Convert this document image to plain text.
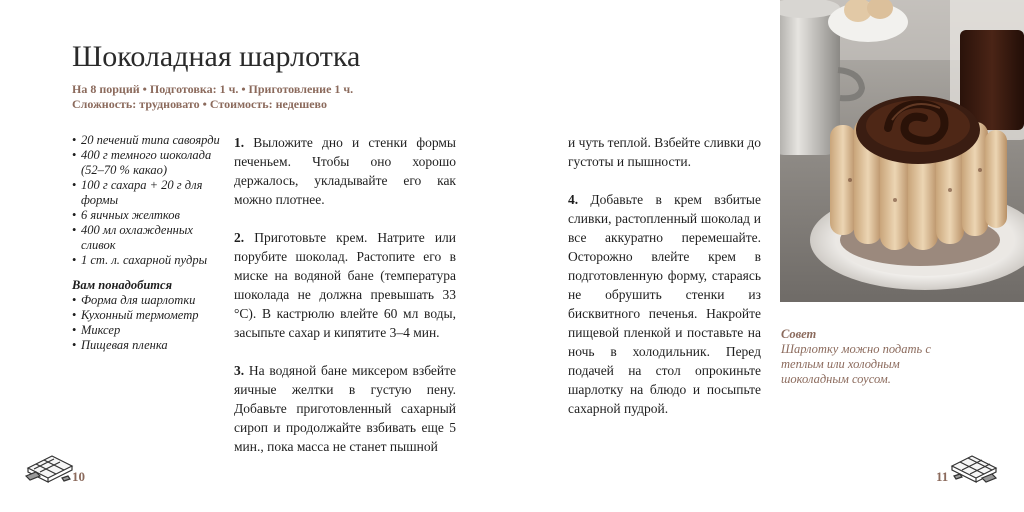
Шоколадная шарлотка
На 8 порций • Подготовка: 1 ч. • Приготовление 1 ч.
Сложность: трудновато • Стоимость: недешево
• 20 печений типа савоярди
• 400 г темного шоколада (52–70 % какао)
• 100 г сахара + 20 г для формы
• 6 яичных желтков
• 400 мл охлажденных сливок
• 1 ст. л. сахарной пудры
Вам понадобится
• Форма для шарлотки
• Кухонный термометр
• Миксер
• Пищевая пленка

1. Выложите дно и стенки формы печеньем. Чтобы оно хорошо держалось, укладывайте его как можно плотнее.

2. Приготовьте крем. Натрите или порубите шоколад. Растопите его в миске на водяной бане (температура шоколада не должна превышать 33 °C). В кастрюлю влейте 60 мл воды, засыпьте сахар и кипятите 3–4 мин.

3. На водяной бане миксером взбейте яичные желтки в густую пену. Добавьте приготовленный сахарный сироп и продолжайте взбивать еще 5 мин., пока масса не станет пышной

и чуть теплой. Взбейте сливки до густоты и пышности.

4. Добавьте в крем взбитые сливки, растопленный шоколад и все аккуратно перемешайте. Осторожно влейте крем в подготовленную форму, стараясь не обрушить стенки из бисквитного печенья. Накройте пищевой пленкой и поставьте на ночь в холодильник. Перед подачей на стол опрокиньте шарлотку на блюдо и посыпьте сахарной пудрой.

Совет
Шарлотку можно подать с теплым или холодным шоколадным соусом.
10	11
